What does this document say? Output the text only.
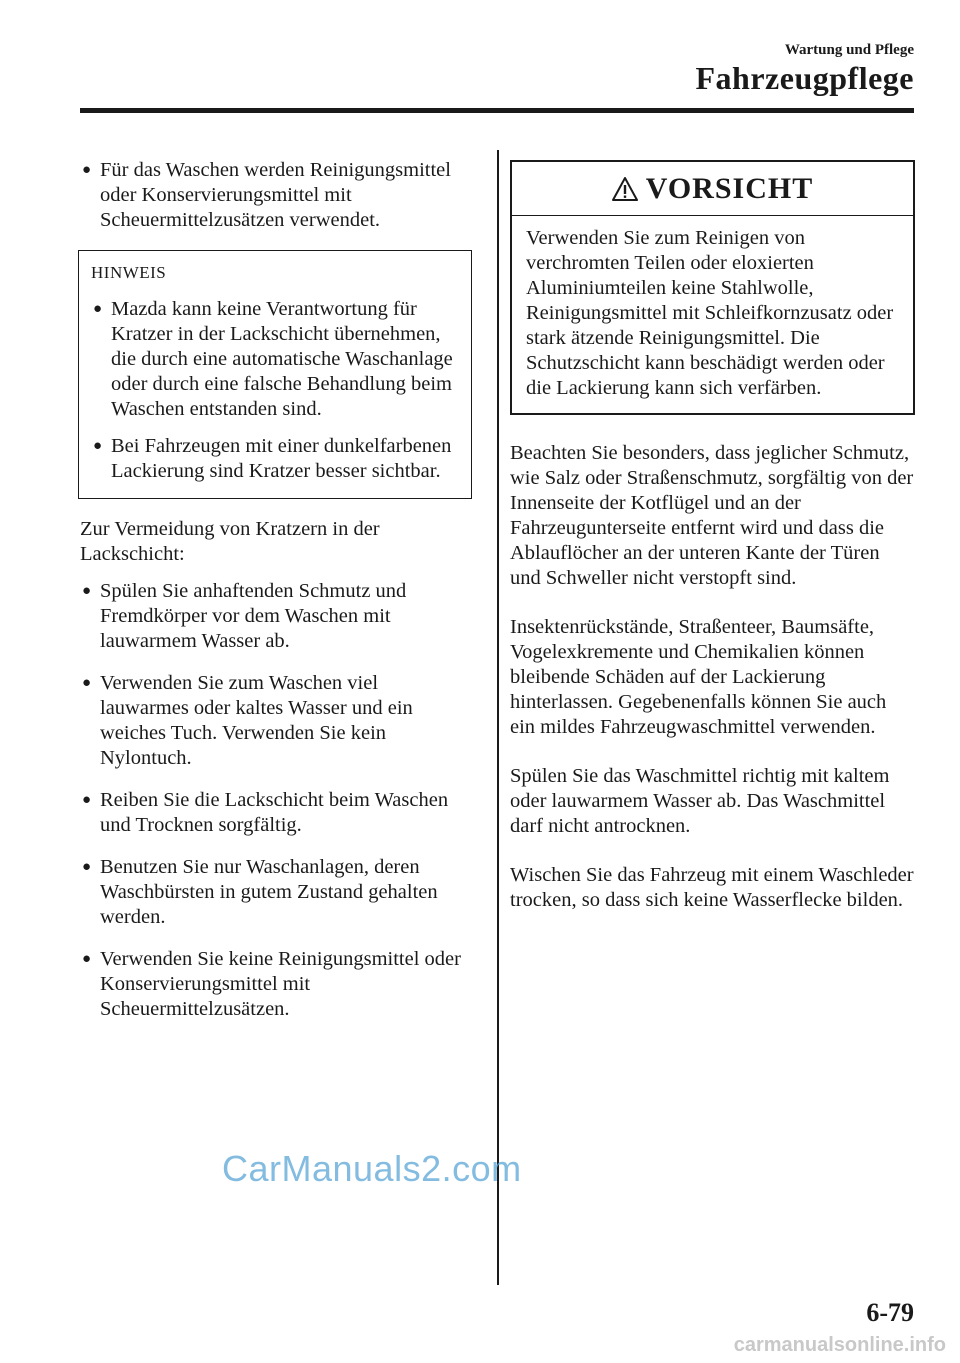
Wartung und Pflege
Fahrzeugpflege
● Für das Waschen werden Reinigungsmittel oder Konservierungsmittel mit Scheuermittelzusätzen verwendet.
HINWEIS
● Mazda kann keine Verantwortung für Kratzer in der Lackschicht übernehmen, die durch eine automatische Waschanlage oder durch eine falsche Behandlung beim Waschen entstanden sind.
● Bei Fahrzeugen mit einer dunkelfarbenen Lackierung sind Kratzer besser sichtbar.

Zur Vermeidung von Kratzern in der Lackschicht:

● Spülen Sie anhaftenden Schmutz und Fremdkörper vor dem Waschen mit lauwarmem Wasser ab.
● Verwenden Sie zum Waschen viel lauwarmes oder kaltes Wasser und ein weiches Tuch. Verwenden Sie kein Nylontuch.
● Reiben Sie die Lackschicht beim Waschen und Trocknen sorgfältig.
● Benutzen Sie nur Waschanlagen, deren Waschbürsten in gutem Zustand gehalten werden.
● Verwenden Sie keine Reinigungsmittel oder Konservierungsmittel mit Scheuermittelzusätzen.
VORSICHT
Verwenden Sie zum Reinigen von verchromten Teilen oder eloxierten Aluminiumteilen keine Stahlwolle, Reinigungsmittel mit Schleifkornzusatz oder stark ätzende Reinigungsmittel. Die Schutzschicht kann beschädigt werden oder die Lackierung kann sich verfärben.

Beachten Sie besonders, dass jeglicher Schmutz, wie Salz oder Straßenschmutz, sorgfältig von der Innenseite der Kotflügel und an der Fahrzeugunterseite entfernt wird und dass die Ablauflöcher an der unteren Kante der Türen und Schweller nicht verstopft sind.

Insektenrückstände, Straßenteer, Baumsäfte, Vogelexkremente und Chemikalien können bleibende Schäden auf der Lackierung hinterlassen. Gegebenenfalls können Sie auch ein mildes Fahrzeugwaschmittel verwenden.

Spülen Sie das Waschmittel richtig mit kaltem oder lauwarmem Wasser ab. Das Waschmittel darf nicht antrocknen.

Wischen Sie das Fahrzeug mit einem Waschleder trocken, so dass sich keine Wasserflecke bilden.

CarManuals2.com
6-79
carmanualsonline.info
